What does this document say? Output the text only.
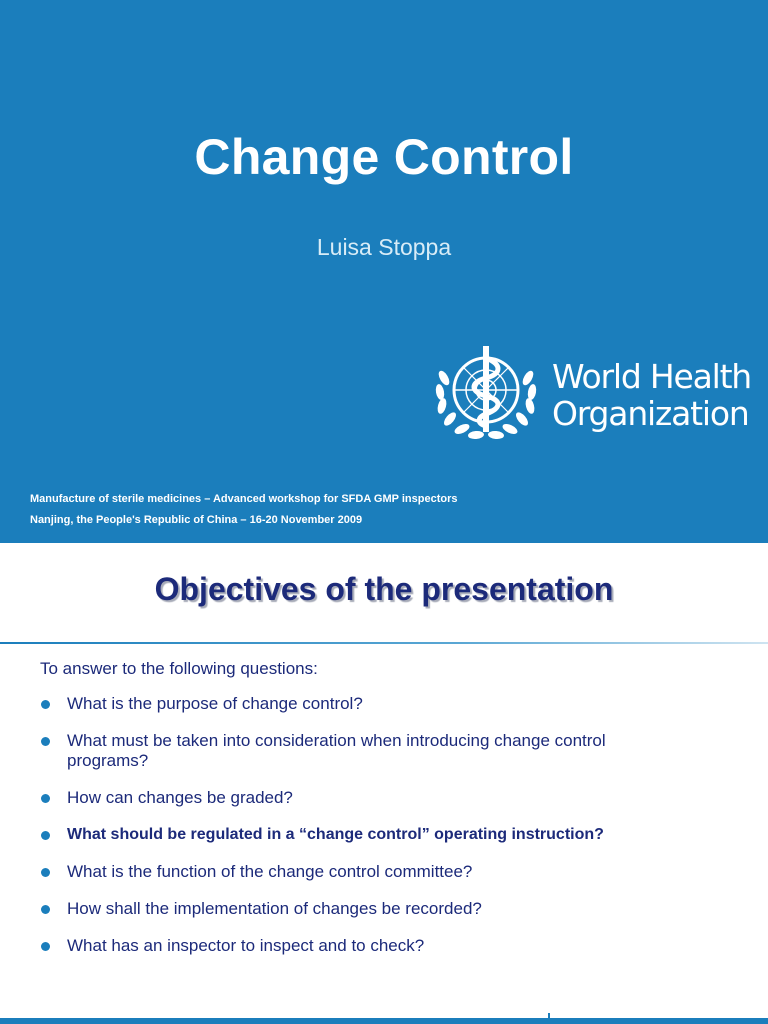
Change Control
Luisa Stoppa
World Health
Organization
Manufacture of sterile medicines – Advanced workshop for SFDA GMP inspectors
Nanjing, the People's Republic of China – 16-20 November 2009
Objectives of the presentation
To answer to the following questions:
What is the purpose of change control?
What must be taken into consideration when introducing change control programs?
How can changes be graded?
What should be regulated in a “change control” operating instruction?
What is the function of the change control committee?
How shall the implementation of changes be recorded?
What has an inspector to inspect and to check?
